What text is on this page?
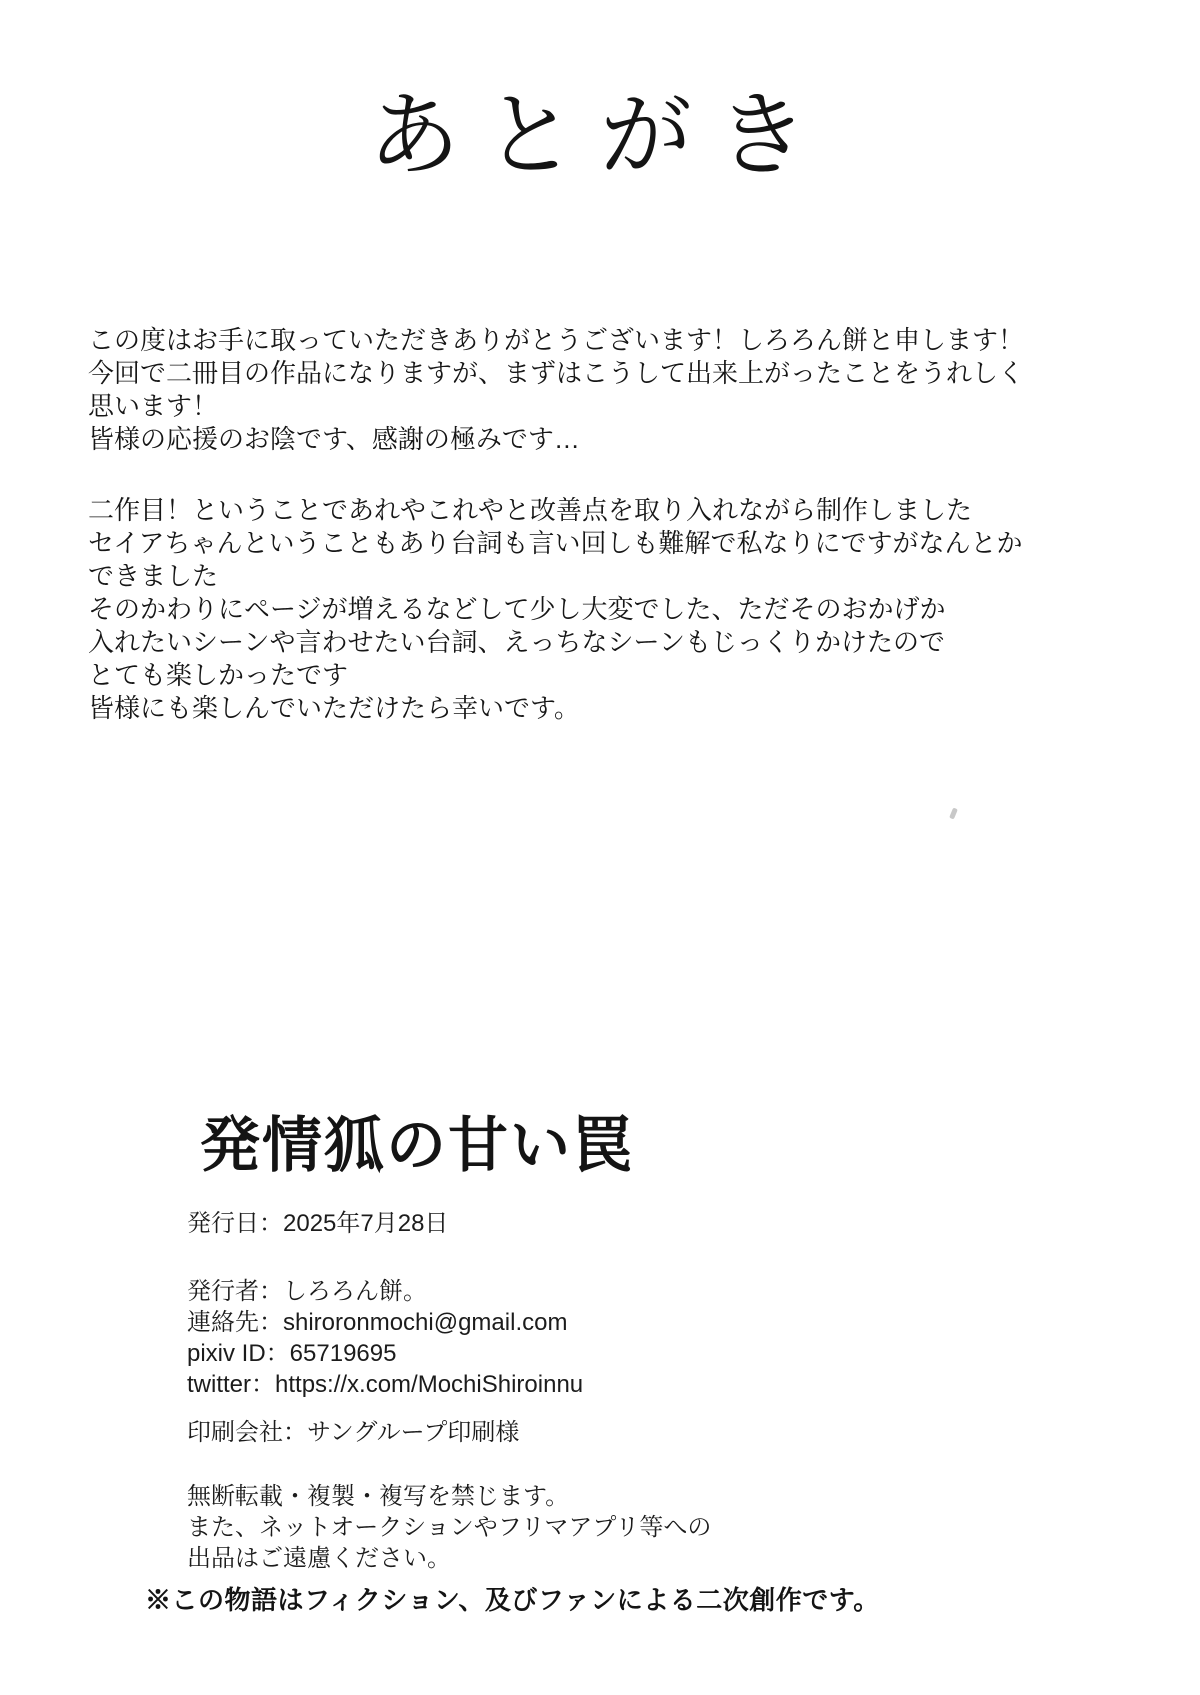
あとがき
この度はお手に取っていただきありがとうございます！しろろん餅と申します！
今回で二冊目の作品になりますが、まずはこうして出来上がったことをうれしく
思います！
皆様の応援のお陰です、感謝の極みです…
二作目！ということであれやこれやと改善点を取り入れながら制作しました
セイアちゃんということもあり台詞も言い回しも難解で私なりにですがなんとか
できました
そのかわりにページが増えるなどして少し大変でした、ただそのおかげか
入れたいシーンや言わせたい台詞、えっちなシーンもじっくりかけたので
とても楽しかったです
皆様にも楽しんでいただけたら幸いです。
発情狐の甘い罠
発行日：2025年7月28日
発行者：しろろん餅。
連絡先：shiroronmochi@gmail.com
pixiv ID：65719695
twitter：https://x.com/MochiShiroinnu
印刷会社：サングループ印刷様
無断転載・複製・複写を禁じます。
また、ネットオークションやフリマアプリ等への
出品はご遠慮ください。
※この物語はフィクション、及びファンによる二次創作です。
